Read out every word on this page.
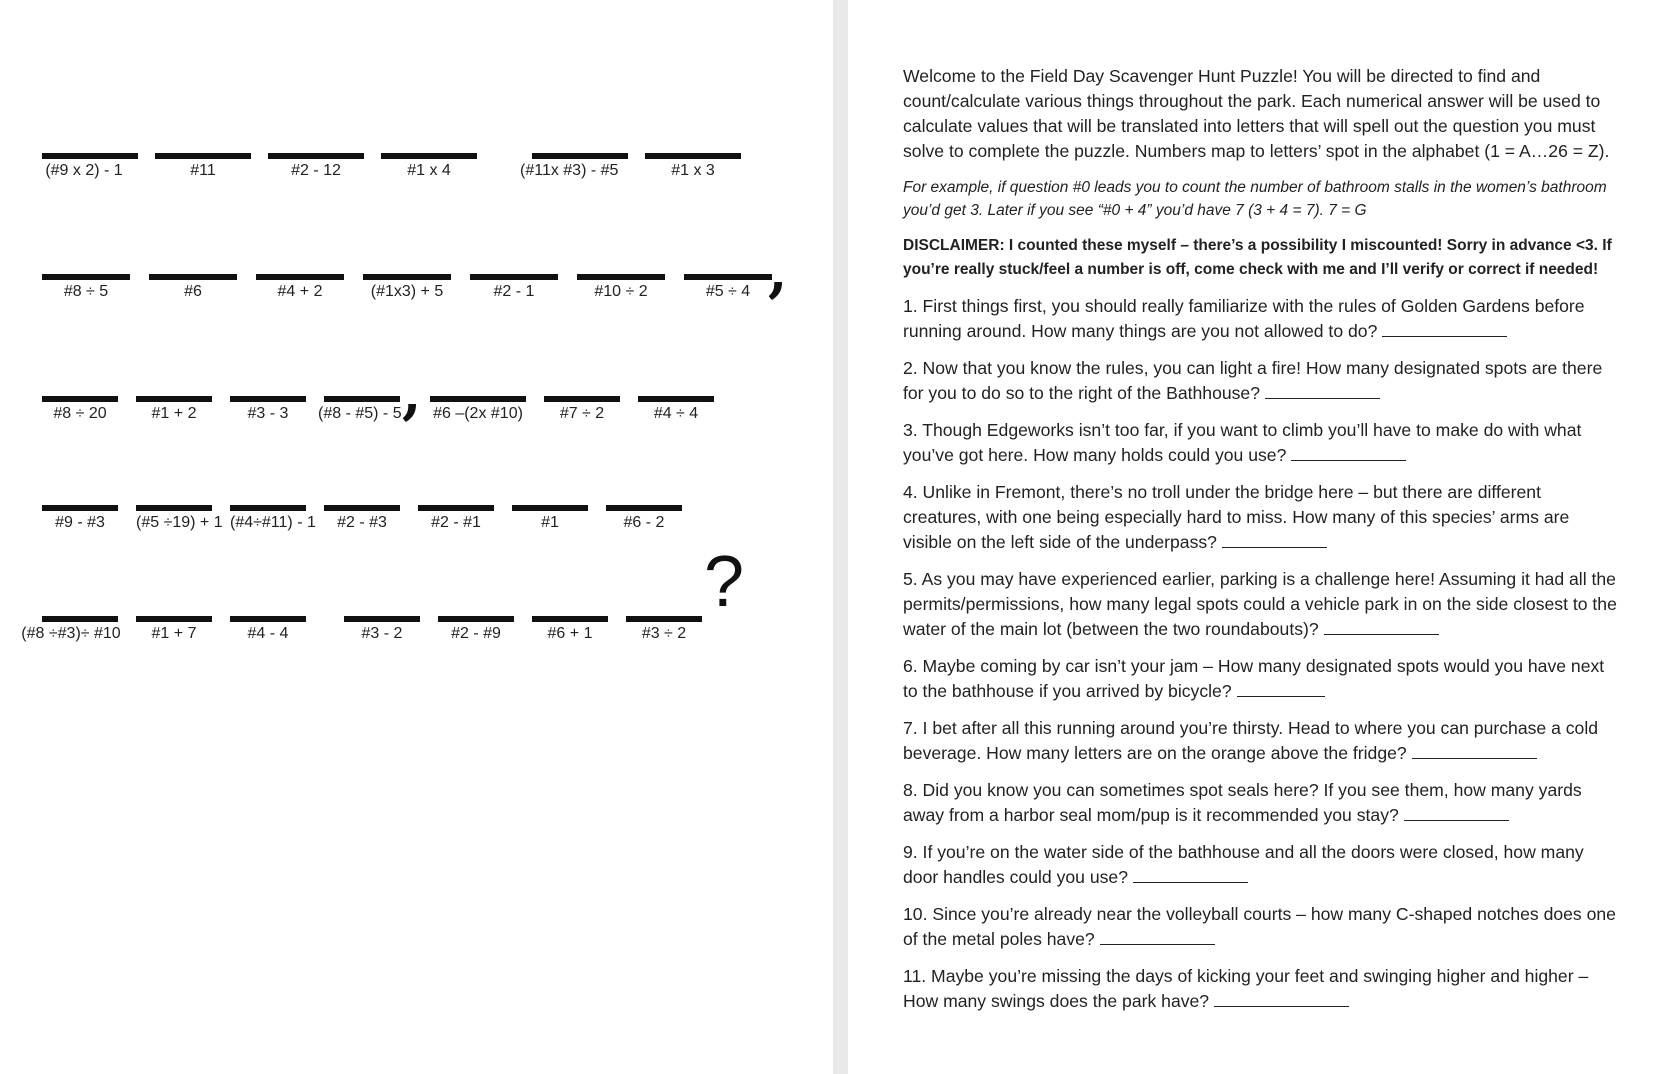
(#9 x 2) - 1	#11	#2 - 12	#1 x 4	(#11x #3) - #5	#1 x 3
#8 ÷ 5	#6	#4 + 2	(#1x3) + 5	#2 - 1	#10 ÷ 2	#5 ÷ 4 ,
#8 ÷ 20	#1 + 2	#3 - 3	(#8 - #5) - 5 #6 –(2x #10)	#7 ÷ 2	#4 ÷ 4
,
#9 - #3	(#5 ÷19) + 1 (#4÷#11) - 1	#2 - #3	#2 - #1	#1	#6 - 2
(#8 ÷#3)÷ #10	#1 + 7	#4 - 4	#3 - 2	#2 - #9	#6 + 1	#3 ÷ 2
?

Welcome to the Field Day Scavenger Hunt Puzzle! You will be directed to find and count/calculate various things throughout the park. Each numerical answer will be used to calculate values that will be translated into letters that will spell out the question you must solve to complete the puzzle. Numbers map to letters’ spot in the alphabet (1 = A…26 = Z).

For example, if question #0 leads you to count the number of bathroom stalls in the women’s bathroom you’d get 3. Later if you see “#0 + 4” you’d have 7 (3 + 4 = 7). 7 = G

DISCLAIMER: I counted these myself – there’s a possibility I miscounted! Sorry in advance <3. If you’re really stuck/feel a number is off, come check with me and I’ll verify or correct if needed!

1. First things first, you should really familiarize with the rules of Golden Gardens before running around. How many things are you not allowed to do?

2. Now that you know the rules, you can light a fire! How many designated spots are there for you to do so to the right of the Bathhouse?

3. Though Edgeworks isn’t too far, if you want to climb you’ll have to make do with what you’ve got here. How many holds could you use?

4. Unlike in Fremont, there’s no troll under the bridge here – but there are different creatures, with one being especially hard to miss. How many of this species’ arms are visible on the left side of the underpass?

5. As you may have experienced earlier, parking is a challenge here! Assuming it had all the permits/permissions, how many legal spots could a vehicle park in on the side closest to the water of the main lot (between the two roundabouts)?

6. Maybe coming by car isn’t your jam – How many designated spots would you have next to the bathhouse if you arrived by bicycle?

7. I bet after all this running around you’re thirsty. Head to where you can purchase a cold beverage. How many letters are on the orange above the fridge?

8. Did you know you can sometimes spot seals here? If you see them, how many yards away from a harbor seal mom/pup is it recommended you stay?

9. If you’re on the water side of the bathhouse and all the doors were closed, how many door handles could you use?

10. Since you’re already near the volleyball courts – how many C-shaped notches does one of the metal poles have?

11. Maybe you’re missing the days of kicking your feet and swinging higher and higher – How many swings does the park have?
